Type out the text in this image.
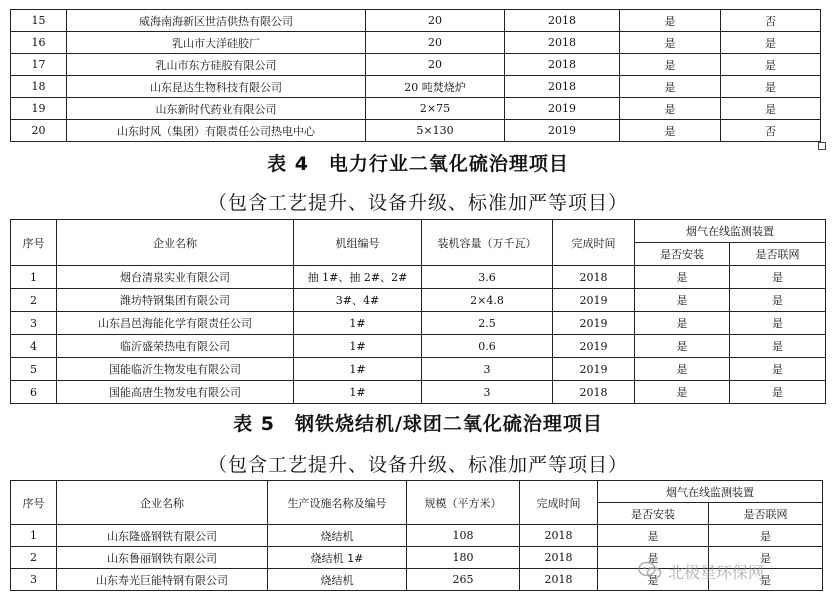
15	威海南海新区世洁供热有限公司	20	2018	是	否
16	乳山市大洋硅胶厂	20	2018	是	是
17	乳山市东方硅胶有限公司	20	2018	是	是
18	山东昆达生物科技有限公司	20 吨焚烧炉	2018	是	是
19	山东新时代药业有限公司	2×75	2019	是	是
20	山东时风（集团）有限责任公司热电中心	5×130	2019	是	否
表 4　电力行业二氧化硫治理项目
（包含工艺提升、设备升级、标准加严等项目）
序号	企业名称	机组编号	装机容量（万千瓦）	完成时间	烟气在线监测装置	
					是否安装	是否联网
1	烟台清泉实业有限公司	抽 1#、抽 2#、2#	3.6	2018	是	是
2	潍坊特钢集团有限公司	3#、4#	2×4.8	2019	是	是
3	山东昌邑海能化学有限责任公司	1#	2.5	2019	是	是
4	临沂盛荣热电有限公司	1#	0.6	2019	是	是
5	国能临沂生物发电有限公司	1#	3	2019	是	是
6	国能高唐生物发电有限公司	1#	3	2018	是	是
表 5　钢铁烧结机/球团二氧化硫治理项目
（包含工艺提升、设备升级、标准加严等项目）
序号	企业名称	生产设施名称及编号	规模（平方米）	完成时间	烟气在线监测装置	
					是否安装	是否联网
1	山东隆盛钢铁有限公司	烧结机	108	2018	是	是
2	山东鲁丽钢铁有限公司	烧结机 1#	180	2018	是	是
3	山东寿光巨能特钢有限公司	烧结机	265	2018	是	是
北极星环保网
